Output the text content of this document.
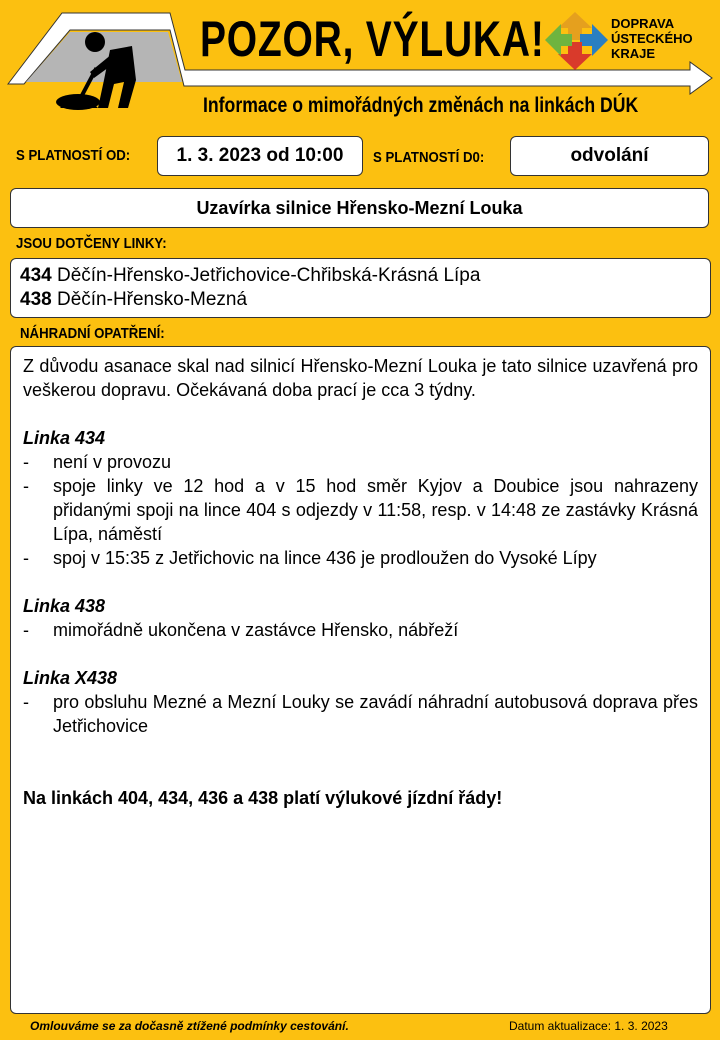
POZOR, VÝLUKA!
Informace o mimořádných změnách na linkách DÚK
DOPRAVA
ÚSTECKÉHO
KRAJE
S PLATNOSTÍ OD:	1. 3. 2023 od 10:00	S PLATNOSTÍ D0:	odvolání
Uzavírka silnice Hřensko-Mezní Louka
JSOU DOTČENY LINKY:
434 Děčín-Hřensko-Jetřichovice-Chřibská-Krásná Lípa
438 Děčín-Hřensko-Mezná
NÁHRADNÍ OPATŘENÍ:

Z důvodu asanace skal nad silnicí Hřensko-Mezní Louka je tato silnice uzavřená pro veškerou dopravu. Očekávaná doba prací je cca 3 týdny.

Linka 434

-	není v provozu
-	spoje linky ve 12 hod a v 15 hod směr Kyjov a Doubice jsou nahrazeny přidanými spoji na lince 404 s odjezdy v 11:58, resp. v 14:48 ze zastávky Krásná Lípa, náměstí
-	spoj v 15:35 z Jetřichovic na lince 436 je prodloužen do Vysoké Lípy

Linka 438

-	mimořádně ukončena v zastávce Hřensko, nábřeží

Linka X438

-	pro obsluhu Mezné a Mezní Louky se zavádí náhradní autobusová doprava přes Jetřichovice

Na linkách 404, 434, 436 a 438 platí výlukové jízdní řády!

Omlouváme se za dočasně ztížené podmínky cestování.	Datum aktualizace: 1. 3. 2023
